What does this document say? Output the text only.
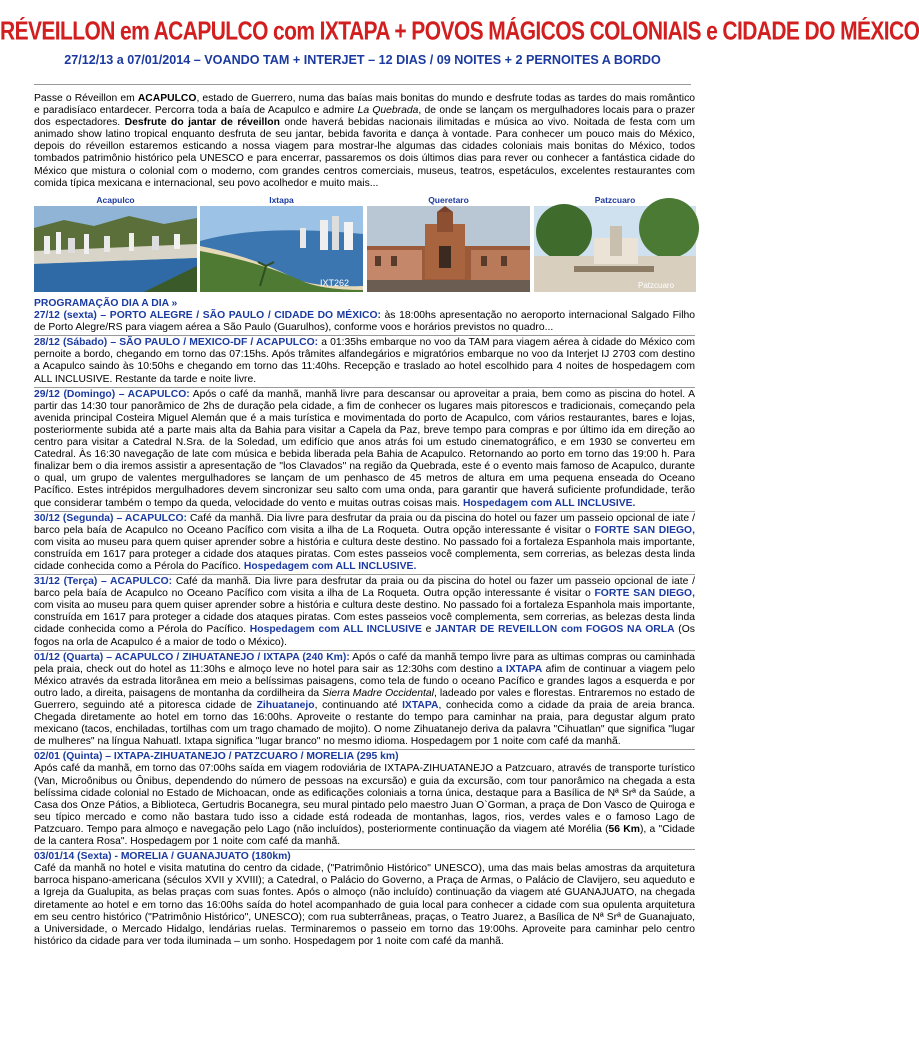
RÉVEILLON em ACAPULCO com IXTAPA + POVOS MÁGICOS COLONIAIS e CIDADE DO MÉXICO
27/12/13 a 07/01/2014 – VOANDO TAM + INTERJET – 12 DIAS / 09 NOITES + 2 PERNOITES A BORDO
Passe o Réveillon em ACAPULCO, estado de Guerrero, numa das baías mais bonitas do mundo e desfrute todas as tardes do mais romântico e paradisíaco entardecer. Percorra toda a baía de Acapulco e admire La Quebrada, de onde se lançam os mergulhadores locais para o prazer dos espectadores. Desfrute do jantar de réveillon onde haverá bebidas nacionais ilimitadas e música ao vivo. Noitada de festa com um animado show latino tropical enquanto desfruta de seu jantar, bebida favorita e dança à vontade. Para conhecer um pouco mais do México, depois do réveillon estaremos esticando a nossa viagem para mostrar-lhe algumas das cidades coloniais mais bonitas do México, todos tombados patrimônio histórico pela UNESCO e para encerrar, passaremos os dois últimos dias para rever ou conhecer a fantástica cidade do México que mistura o colonial com o moderno, com grandes centros comerciais, museus, teatros, espetáculos, excelentes restaurantes com comida típica mexicana e internacional, seu povo acolhedor e muito mais...
Acapulco	Ixtapa
IXT262
Queretaro	Patzcuaro
Patzcuaro
PROGRAMAÇÃO DIA A DIA »
27/12 (sexta) – PORTO ALEGRE / SÃO PAULO / CIDADE DO MÉXICO: às 18:00hs apresentação no aeroporto internacional Salgado Filho de Porto Alegre/RS para viagem aérea a São Paulo (Guarulhos), conforme voos e horários previstos no quadro...
28/12 (Sábado) – SÃO PAULO / MEXICO-DF / ACAPULCO: a 01:35hs embarque no voo da TAM para viagem aérea à cidade do México com pernoite a bordo, chegando em torno das 07:15hs. Após trâmites alfandegários e migratórios embarque no voo da Interjet IJ 2703 com destino a Acapulco saindo às 10:50hs e chegando em torno das 11:40hs. Recepção e traslado ao hotel escolhido para 4 noites de hospedagem com ALL INCLUSIVE. Restante da tarde e noite livre.
29/12 (Domingo) – ACAPULCO: Após o café da manhã, manhã livre para descansar ou aproveitar a praia, bem como as piscina do hotel. A partir das 14:30 tour panorâmico de 2hs de duração pela cidade, a fim de conhecer os lugares mais pitorescos e tradicionais, começando pela avenida principal Costeira Miguel Alemán que é a mais turística e movimentada do porto de Acapulco, com vários restaurantes, bares e lojas, posteriormente subida até a parte mais alta da Bahia para visitar a Capela da Paz, breve tempo para compras e por último ida em direção ao centro para visitar a Catedral N.Sra. de la Soledad, um edifício que anos atrás foi um estudo cinematográfico, e em 1930 se converteu em Catedral. Às 16:30 navegação de late com música e bebida liberada pela Bahia de Acapulco. Retornando ao porto em torno das 19:00 h. Para finalizar bem o dia iremos assistir a apresentação de ''los Clavados'' na região da Quebrada, este é o evento mais famoso de Acapulco, durante o qual, um grupo de valentes mergulhadores se lançam de um penhasco de 45 metros de altura em uma pequena enseada do Oceano Pacífico. Estes intrépidos mergulhadores devem sincronizar seu salto com uma onda, para garantir que haverá suficiente profundidade, terão que considerar também o tempo da queda, velocidade do vento e muitas outras coisas mais. Hospedagem com ALL INCLUSIVE.
30/12 (Segunda) – ACAPULCO: Café da manhã. Dia livre para desfrutar da praia ou da piscina do hotel ou fazer um passeio opcional de iate / barco pela baía de Acapulco no Oceano Pacífico com visita a ilha de La Roqueta. Outra opção interessante é visitar o FORTE SAN DIEGO, com visita ao museu para quem quiser aprender sobre a história e cultura deste destino. No passado foi a fortaleza Espanhola mais importante, construída em 1617 para proteger a cidade dos ataques piratas. Com estes passeios você complementa, sem correrias, as belezas desta linda cidade conhecida como a Pérola do Pacífico. Hospedagem com ALL INCLUSIVE.
31/12 (Terça) – ACAPULCO: Café da manhã. Dia livre para desfrutar da praia ou da piscina do hotel ou fazer um passeio opcional de iate / barco pela baía de Acapulco no Oceano Pacífico com visita a ilha de La Roqueta. Outra opção interessante é visitar o FORTE SAN DIEGO, com visita ao museu para quem quiser aprender sobre a história e cultura deste destino. No passado foi a fortaleza Espanhola mais importante, construída em 1617 para proteger a cidade dos ataques piratas. Com estes passeios você complementa, sem correrias, as belezas desta linda cidade conhecida como a Pérola do Pacífico. Hospedagem com ALL INCLUSIVE e JANTAR DE REVEILLON com FOGOS NA ORLA (Os fogos na orla de Acapulco é a maior de todo o México).
01/12 (Quarta) – ACAPULCO / ZIHUATANEJO / IXTAPA (240 Km): Após o café da manhã tempo livre para as ultimas compras ou caminhada pela praia, check out do hotel as 11:30hs e almoço leve no hotel para sair as 12:30hs com destino a IXTAPA afim de continuar a viagem pelo México através da estrada litorânea em meio a belíssimas paisagens, como tela de fundo o oceano Pacífico e grandes lagos a esquerda e por outro lado, a direita, paisagens de montanha da cordilheira da Sierra Madre Occidental, ladeado por vales e florestas. Entraremos no estado de Guerrero, seguindo até a pitoresca cidade de Zihuatanejo, continuando até IXTAPA, conhecida como a cidade da praia de areia branca. Chegada diretamente ao hotel em torno das 16:00hs. Aproveite o restante do tempo para caminhar na praia, para degustar algum prato mexicano (tacos, enchiladas, tortilhas com um trago chamado de mojito). O nome Zihuatanejo deriva da palavra "Cihuatlan" que significa "lugar de mulheres" na língua Nahuatl. Ixtapa significa "lugar branco" no mesmo idioma. Hospedagem por 1 noite com café da manhã.
02/01 (Quinta) – IXTAPA-ZIHUATANEJO / PATZCUARO / MORELIA (295 km)
Após café da manhã, em torno das 07:00hs saída em viagem rodoviária de IXTAPA-ZIHUATANEJO a Patzcuaro, através de transporte turístico (Van, Microônibus ou Ônibus, dependendo do número de pessoas na excursão) e guia da excursão, com tour panorâmico na chegada a esta belíssima cidade colonial no Estado de Michoacan, onde as edificações coloniais a torna única, destaque para a Basílica de Nª Srª da Saúde, a Casa dos Onze Pátios, a Biblioteca, Gertudris Bocanegra, seu mural pintado pelo maestro Juan O`Gorman, a praça de Don Vasco de Quiroga e seu típico mercado e como não bastara tudo isso a cidade está rodeada de montanhas, lagos, rios, verdes vales e o famoso Lago de Patzcuaro. Tempo para almoço e navegação pelo Lago (não incluídos), posteriormente continuação da viagem até Morélia (56 Km), a "Cidade de la cantera Rosa". Hospedagem por 1 noite com café da manhã.
03/01/14 (Sexta) - MORELIA / GUANAJUATO (180km)
Café da manhã no hotel e visita matutina do centro da cidade, ("Patrimônio Histórico" UNESCO), uma das mais belas amostras da arquitetura barroca hispano-americana (séculos XVII y XVIII); a Catedral, o Palácio do Governo, a Praça de Armas, o Palácio de Clavijero, seu aqueduto e a Igreja da Gualupita, as belas praças com suas fontes. Após o almoço (não incluído) continuação da viagem até GUANAJUATO, na chegada diretamente ao hotel e em torno das 16:00hs saída do hotel acompanhado de guia local para conhecer a cidade com sua opulenta arquitetura em seu centro histórico ("Patrimônio Histórico", UNESCO); com rua subterrâneas, praças, o Teatro Juarez, a Basílica de Nª Srª de Guanajuato, a Universidade, o Mercado Hidalgo, lendárias ruelas. Terminaremos o passeio em torno das 19:00hs. Aproveite para caminhar pelo centro histórico da cidade para ver toda iluminada – um sonho. Hospedagem por 1 noite com café da manhã.
